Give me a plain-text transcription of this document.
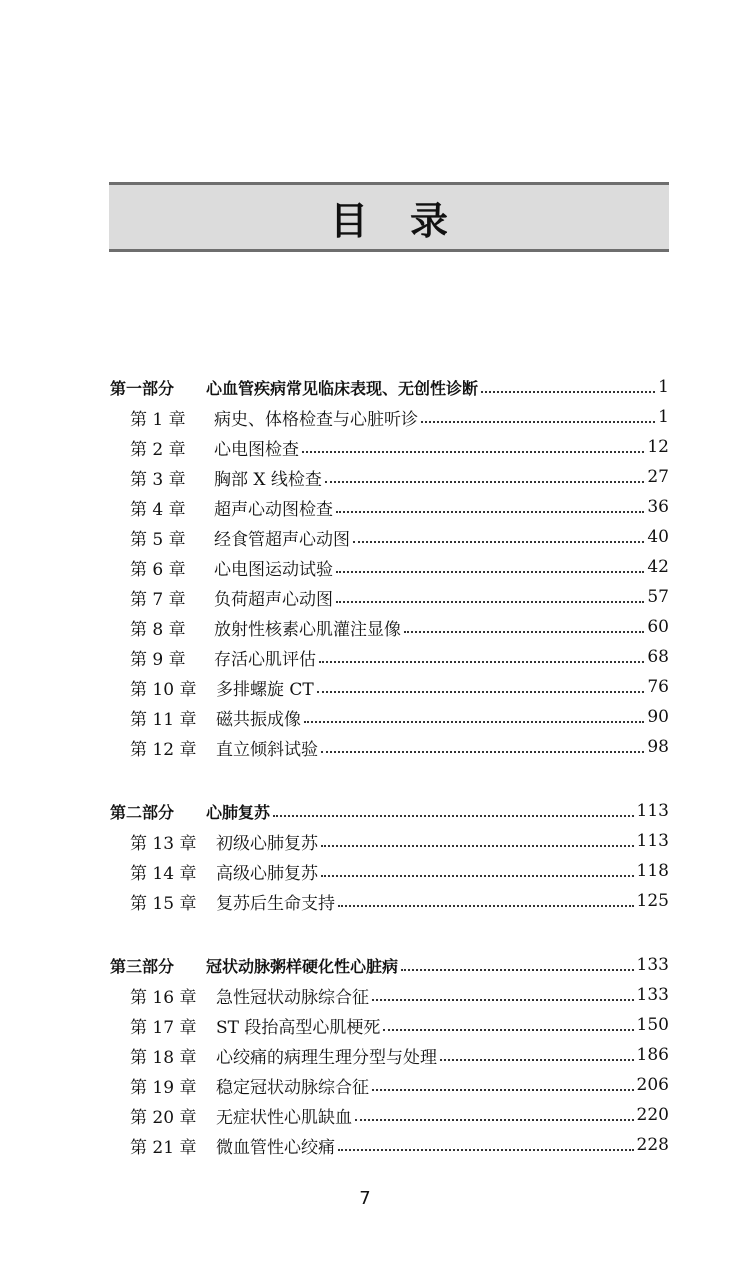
目录
第一部分	心血管疾病常见临床表现、无创性诊断	1
第 1 章	病史、体格检查与心脏听诊	1
第 2 章	心电图检查	12
第 3 章	胸部 X 线检查	27
第 4 章	超声心动图检查	36
第 5 章	经食管超声心动图	40
第 6 章	心电图运动试验	42
第 7 章	负荷超声心动图	57
第 8 章	放射性核素心肌灌注显像	60
第 9 章	存活心肌评估	68
第 10 章	多排螺旋 CT	76
第 11 章	磁共振成像	90
第 12 章	直立倾斜试验	98
第二部分	心肺复苏	113
第 13 章	初级心肺复苏	113
第 14 章	高级心肺复苏	118
第 15 章	复苏后生命支持	125
第三部分	冠状动脉粥样硬化性心脏病	133
第 16 章	急性冠状动脉综合征	133
第 17 章	ST 段抬高型心肌梗死	150
第 18 章	心绞痛的病理生理分型与处理	186
第 19 章	稳定冠状动脉综合征	206
第 20 章	无症状性心肌缺血	220
第 21 章	微血管性心绞痛	228
7
